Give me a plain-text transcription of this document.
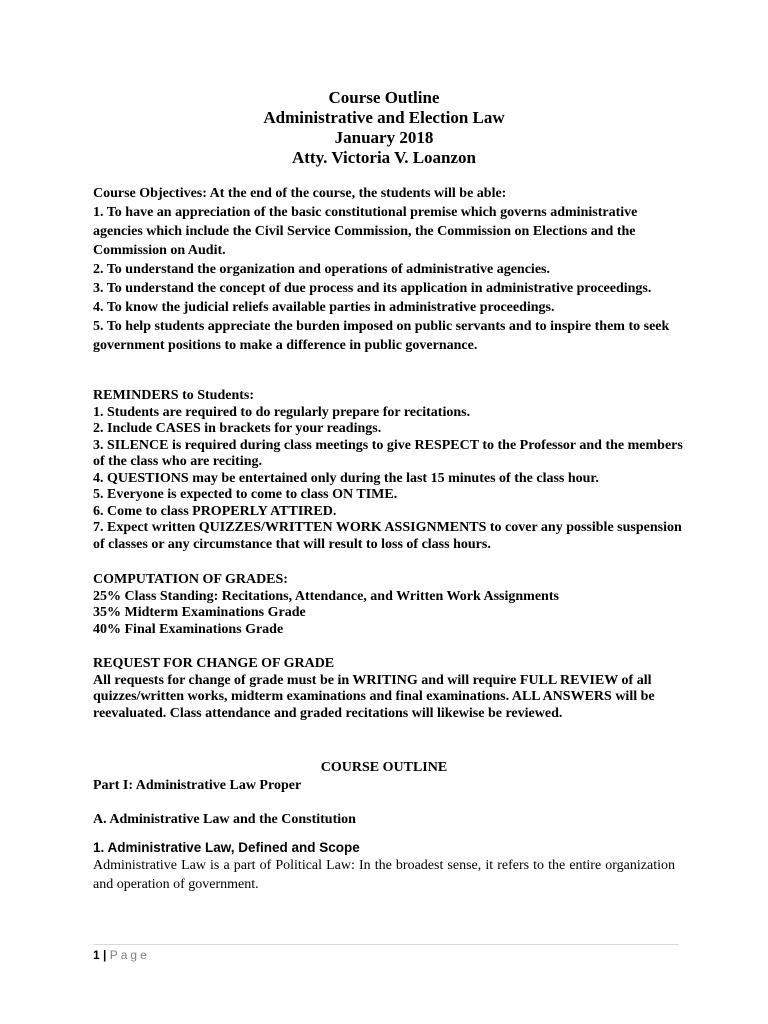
Course Outline
Administrative and Election Law
January 2018
Atty. Victoria V. Loanzon

Course Objectives: At the end of the course, the students will be able:

1. To have an appreciation of the basic constitutional premise which governs administrative agencies which include the Civil Service Commission, the Commission on Elections and the Commission on Audit.

2. To understand the organization and operations of administrative agencies.

3. To understand the concept of due process and its application in administrative proceedings.

4. To know the judicial reliefs available parties in administrative proceedings.

5. To help students appreciate the burden imposed on public servants and to inspire them to seek government positions to make a difference in public governance.

REMINDERS to Students:

1. Students are required to do regularly prepare for recitations.

2. Include CASES in brackets for your readings.

3. SILENCE is required during class meetings to give RESPECT to the Professor and the members of the class who are reciting.

4. QUESTIONS may be entertained only during the last 15 minutes of the class hour.

5. Everyone is expected to come to class ON TIME.

6. Come to class PROPERLY ATTIRED.

7. Expect written QUIZZES/WRITTEN WORK ASSIGNMENTS to cover any possible suspension of classes or any circumstance that will result to loss of class hours.

COMPUTATION OF GRADES:

25% Class Standing: Recitations, Attendance, and Written Work Assignments

35% Midterm Examinations Grade

40% Final Examinations Grade

REQUEST FOR CHANGE OF GRADE

All requests for change of grade must be in WRITING and will require FULL REVIEW of all quizzes/written works, midterm examinations and final examinations. ALL ANSWERS will be reevaluated. Class attendance and graded recitations will likewise be reviewed.

COURSE OUTLINE
Part I: Administrative Law Proper
A. Administrative Law and the Constitution
1. Administrative Law, Defined and Scope
Administrative Law is a part of Political Law: In the broadest sense, it refers to the entire organization and operation of government.
1 | Page
